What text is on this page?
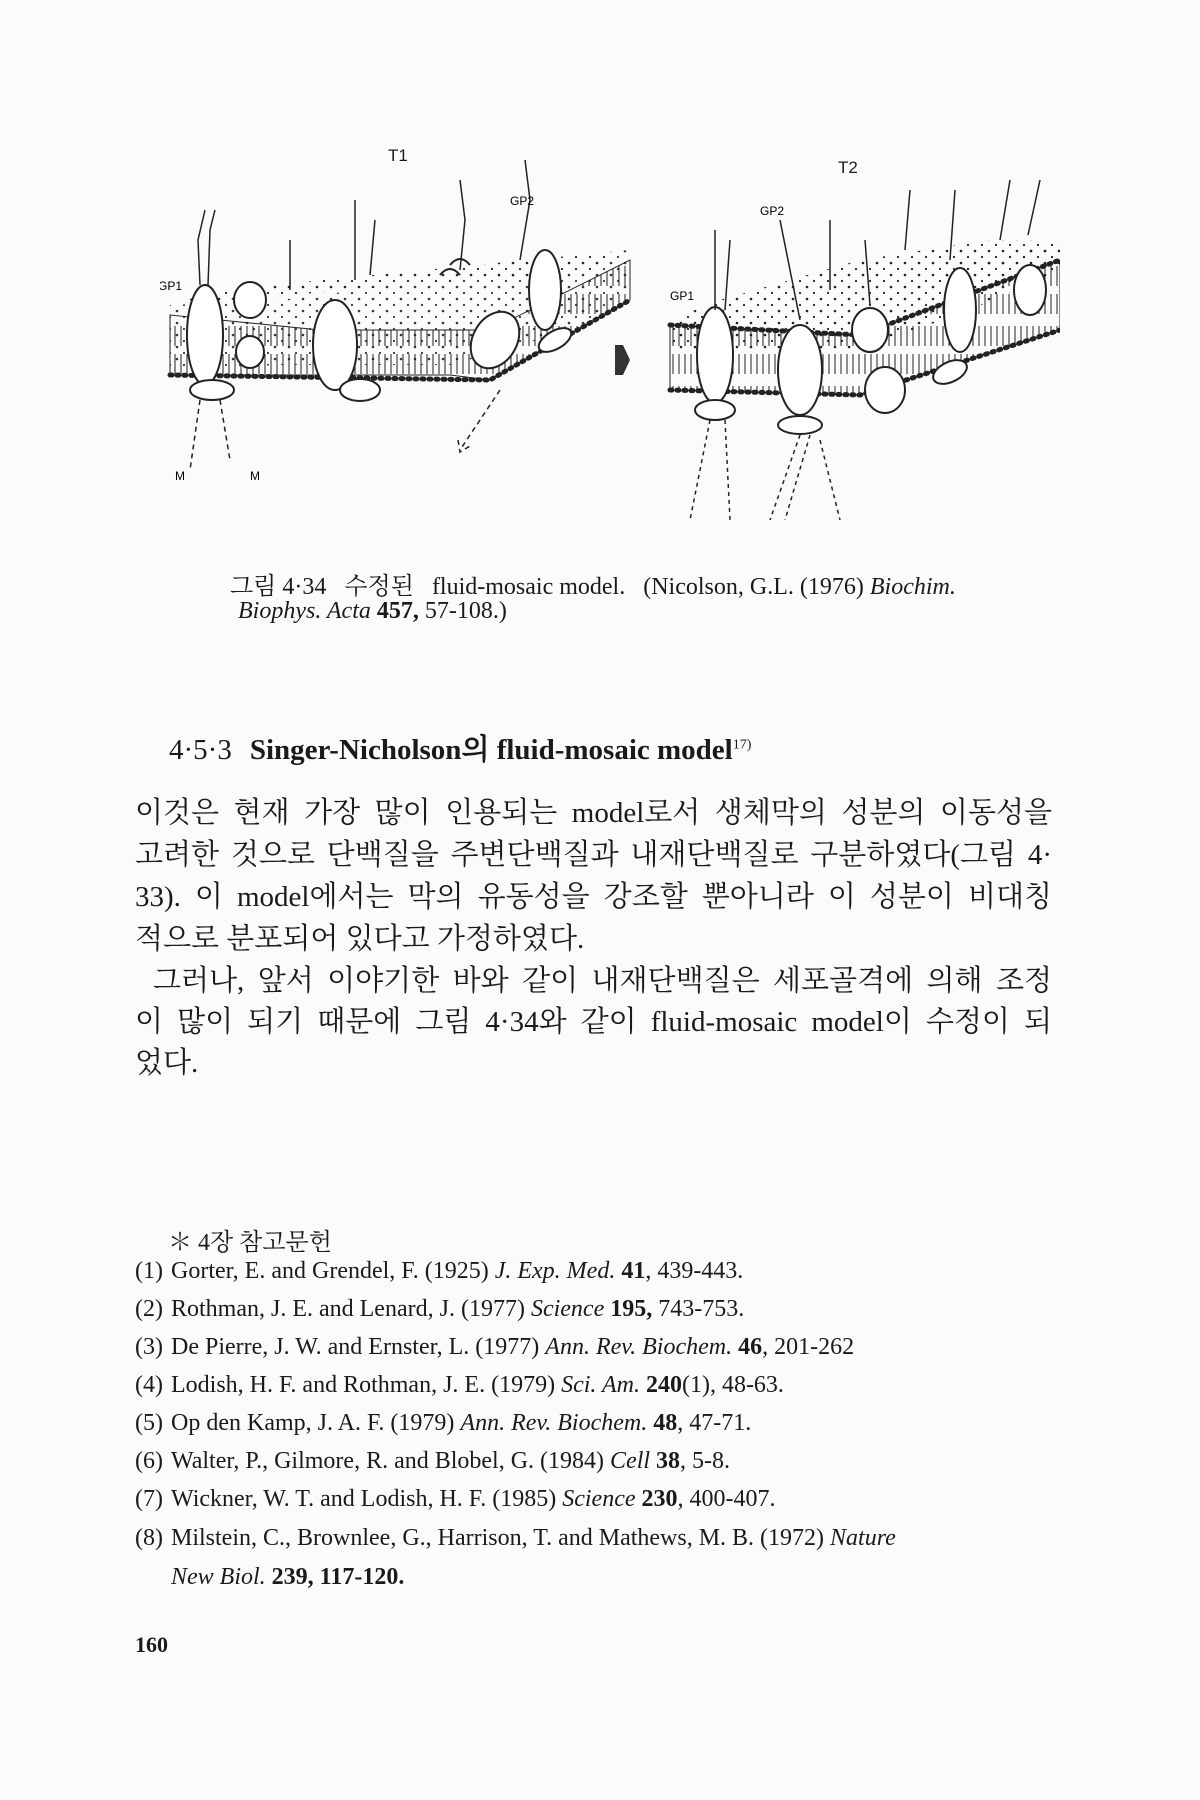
GP2
GP1
M	M
GP2
GP1
T1
T2
그림 4·34 수정된 fluid-mosaic model. (Nicolson, G.L. (1976) Biochim.
Biophys. Acta 457, 57-108.)
4·5·3 Singer-Nicholson의 fluid-mosaic model$^{17)}$
이것은 현재 가장 많이 인용되는 model로서 생체막의 성분의 이동성을
고려한 것으로 단백질을 주변단백질과 내재단백질로 구분하였다(그림 4·
33). 이 model에서는 막의 유동성을 강조할 뿐아니라 이 성분이 비대칭
적으로 분포되어 있다고 가정하였다.
그러나, 앞서 이야기한 바와 같이 내재단백질은 세포골격에 의해 조정
이 많이 되기 때문에 그림 4·34와 같이 fluid-mosaic model이 수정이 되
었다.
＊ 4장 참고문헌
(1) Gorter, E. and Grendel, F. (1925) J. Exp. Med. 41, 439-443.
(2) Rothman, J. E. and Lenard, J. (1977) Science 195, 743-753.
(3) De Pierre, J. W. and Ernster, L. (1977) Ann. Rev. Biochem. 46, 201-262
(4) Lodish, H. F. and Rothman, J. E. (1979) Sci. Am. 240(1), 48-63.
(5) Op den Kamp, J. A. F. (1979) Ann. Rev. Biochem. 48, 47-71.
(6) Walter, P., Gilmore, R. and Blobel, G. (1984) Cell 38, 5-8.
(7) Wickner, W. T. and Lodish, H. F. (1985) Science 230, 400-407.
(8) Milstein, C., Brownlee, G., Harrison, T. and Mathews, M. B. (1972) Nature
New Biol. 239, 117-120.
160
